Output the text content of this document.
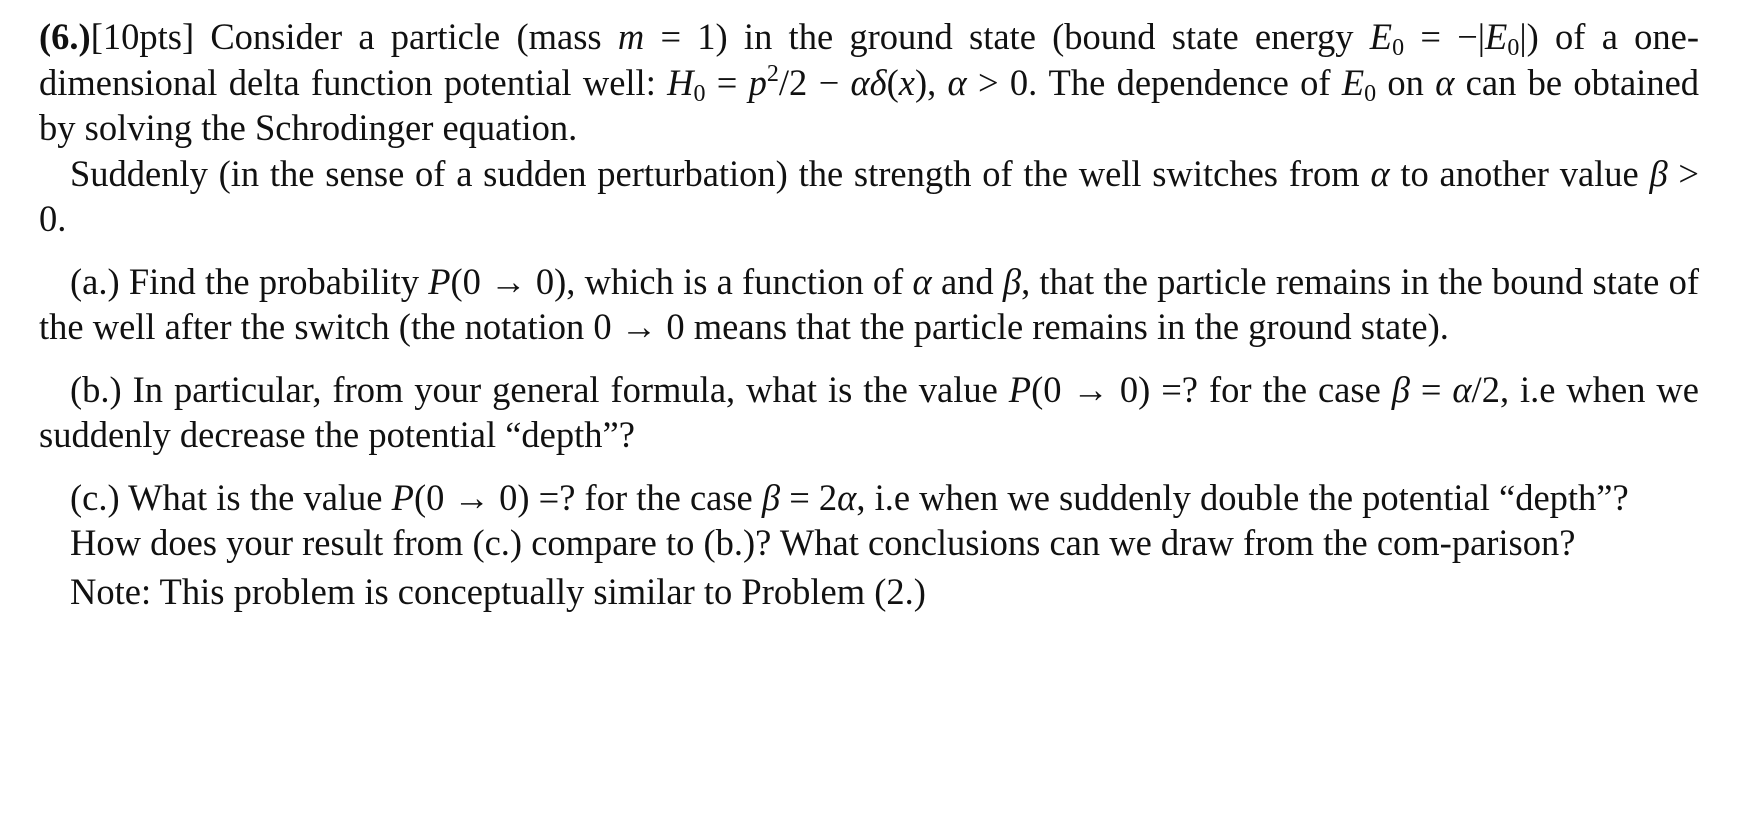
(6.)[10pts] Consider a particle (mass m = 1) in the ground state (bound state energy $E_0 = -|E_0|$) of a one-dimensional delta function potential well: $H_0 = p^2/2 - \alpha\delta(x)$, α > 0. The dependence of $E_0$ on α can be obtained by solving the Schrodinger equation.

Suddenly (in the sense of a sudden perturbation) the strength of the well switches from α to another value β > 0.

(a.) Find the probability P(0 → 0), which is a function of α and β, that the particle remains in the bound state of the well after the switch (the notation 0 → 0 means that the particle remains in the ground state).

(b.) In particular, from your general formula, what is the value P(0 → 0) =? for the case β = α/2, i.e when we suddenly decrease the potential “depth”?

(c.) What is the value P(0 → 0) =? for the case β = 2α, i.e when we suddenly double the potential “depth”?

How does your result from (c.) compare to (b.)? What conclusions can we draw from the com-parison?

Note: This problem is conceptually similar to Problem (2.)
